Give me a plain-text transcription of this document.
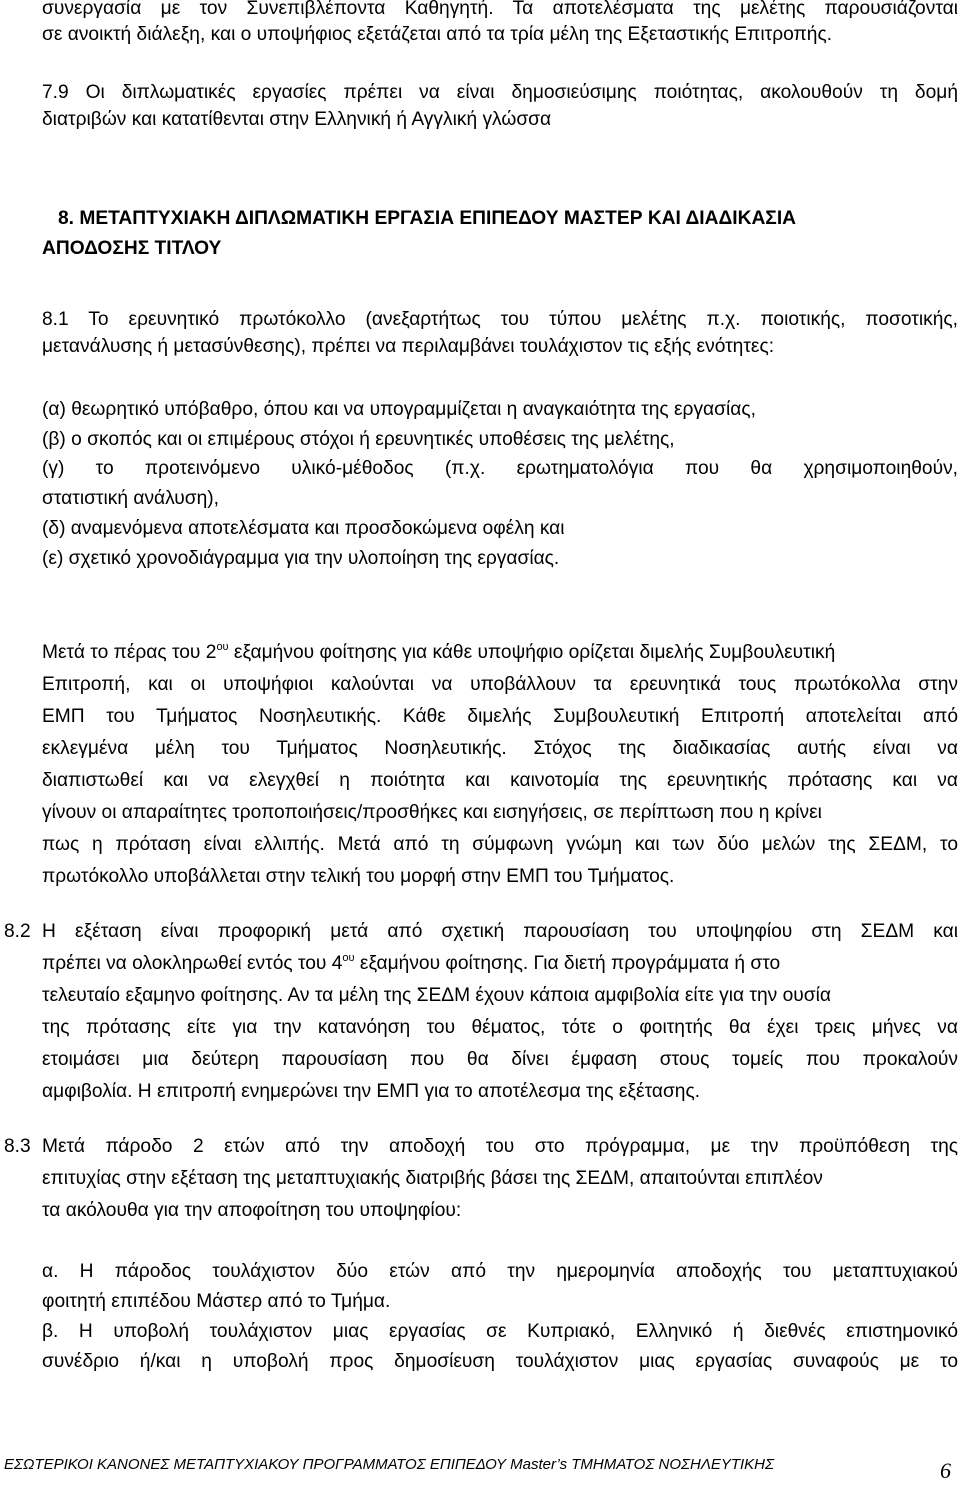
συνεργασία με τον Συνεπιβλέποντα Καθηγητή. Τα αποτελέσματα της μελέτης παρουσιάζονται
σε ανοικτή διάλεξη, και ο υποψήφιος εξετάζεται από τα τρία μέλη της Εξεταστικής Επιτροπής.
7.9 Οι διπλωματικές εργασίες πρέπει να είναι δημοσιεύσιμης ποιότητας, ακολουθούν τη δομή
διατριβών και κατατίθενται στην Ελληνική ή Αγγλική γλώσσα
8. ΜΕΤΑΠΤΥΧΙΑΚΗ ΔΙΠΛΩΜΑΤΙΚΗ ΕΡΓΑΣΙΑ ΕΠΙΠΕΔΟΥ ΜΑΣΤΕΡ ΚΑΙ ΔΙΑΔΙΚΑΣΙΑ
ΑΠΟΔΟΣΗΣ ΤΙΤΛΟΥ
8.1 Το ερευνητικό πρωτόκολλο (ανεξαρτήτως του τύπου μελέτης π.χ. ποιοτικής, ποσοτικής,
μετανάλυσης ή μετασύνθεσης), πρέπει να περιλαμβάνει τουλάχιστον τις εξής ενότητες:
(α) θεωρητικό υπόβαθρο, όπου και να υπογραμμίζεται η αναγκαιότητα της εργασίας,
(β) ο σκοπός και οι επιμέρους στόχοι ή ερευνητικές υποθέσεις της μελέτης,
(γ) το προτεινόμενο υλικό-μέθοδος (π.χ. ερωτηματολόγια που θα χρησιμοποιηθούν,
στατιστική ανάλυση),
(δ) αναμενόμενα αποτελέσματα και προσδοκώμενα οφέλη και
(ε) σχετικό χρονοδιάγραμμα για την υλοποίηση της εργασίας.
Μετά το πέρας του $2^{o\upsilon}$ εξαμήνου φοίτησης για κάθε υποψήφιο ορίζεται διμελής Συμβουλευτική
Επιτροπή, και οι υποψήφιοι καλούνται να υποβάλλουν τα ερευνητικά τους πρωτόκολλα στην
ΕΜΠ του Τμήματος Νοσηλευτικής. Κάθε διμελής Συμβουλευτική Επιτροπή αποτελείται από
εκλεγμένα μέλη του Τμήματος Νοσηλευτικής. Στόχος της διαδικασίας αυτής είναι να
διαπιστωθεί και να ελεγχθεί η ποιότητα και καινοτομία της ερευνητικής πρότασης και να
γίνουν οι απαραίτητες τροποποιήσεις/προσθήκες και εισηγήσεις, σε περίπτωση που η κρίνει
πως η πρόταση είναι ελλιπής. Μετά από τη σύμφωνη γνώμη και των δύο μελών της ΣΕΔΜ, το
πρωτόκολλο υποβάλλεται στην τελική του μορφή στην ΕΜΠ του Τμήματος.
8.2 Η εξέταση είναι προφορική μετά από σχετική παρουσίαση του υποψηφίου στη ΣΕΔΜ και
πρέπει να ολοκληρωθεί εντός του $4^{o\upsilon}$ εξαμήνου φοίτησης. Για διετή προγράμματα ή στο
τελευταίο εξαμηνο φοίτησης. Αν τα μέλη της ΣΕΔΜ έχουν κάποια αμφιβολία είτε για την ουσία
της πρότασης είτε για την κατανόηση του θέματος, τότε ο φοιτητής θα έχει τρεις μήνες να
ετοιμάσει μια δεύτερη παρουσίαση που θα δίνει έμφαση στους τομείς που προκαλούν
αμφιβολία. Η επιτροπή ενημερώνει την ΕΜΠ για το αποτέλεσμα της εξέτασης.
8.3 Μετά πάροδο 2 ετών από την αποδοχή του στο πρόγραμμα, με την προϋπόθεση της
επιτυχίας στην εξέταση της μεταπτυχιακής διατριβής βάσει της ΣΕΔΜ, απαιτούνται επιπλέον
τα ακόλουθα για την αποφοίτηση του υποψηφίου:
α. Η πάροδος τουλάχιστον δύο ετών από την ημερομηνία αποδοχής του μεταπτυχιακού
φοιτητή επιπέδου Μάστερ από το Τμήμα.
β. Η υποβολή τουλάχιστον μιας εργασίας σε Κυπριακό, Ελληνικό ή διεθνές επιστημονικό
συνέδριο ή/και η υποβολή προς δημοσίευση τουλάχιστον μιας εργασίας συναφούς με το
ΕΣΩΤΕΡΙΚΟΙ ΚΑΝΟΝΕΣ ΜΕΤΑΠΤΥΧΙΑΚΟΥ ΠΡΟΓΡΑΜΜΑΤΟΣ ΕΠΙΠΕΔΟΥ Master’s ΤΜΗΜΑΤΟΣ ΝΟΣΗΛΕΥΤΙΚΗΣ	6
